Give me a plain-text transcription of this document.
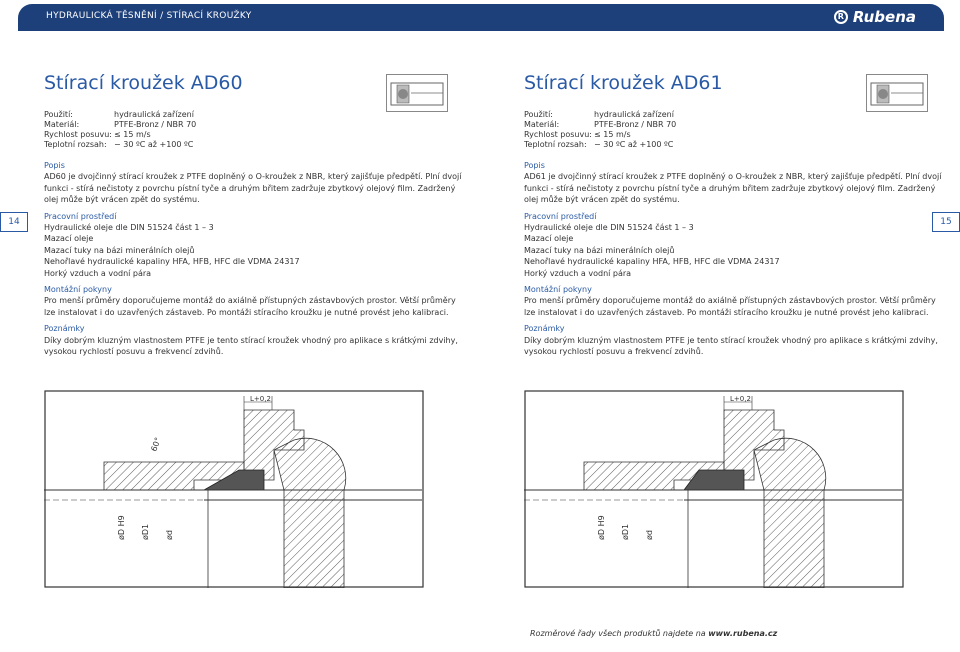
HYDRAULICKÁ TĚSNĚNÍ / STÍRACÍ KROUŽKY	R Rubena
Stírací kroužek AD60
Použití:	hydraulická zařízení
Materiál:	PTFE-Bronz / NBR 70
Rychlost posuvu: ≤ 15 m/s
Teplotní rozsah: − 30 ºC až +100 ºC
Popis

AD60 je dvojčinný stírací kroužek z PTFE doplněný o O-kroužek z NBR, který zajišťuje předpětí. Plní dvojí funkci - stírá nečistoty z povrchu pístní tyče a druhým břitem zadržuje zbytkový olejový film. Zadržený olej může být vrácen zpět do systému.

Pracovní prostředí

Hydraulické oleje dle DIN 51524 část 1 – 3

Mazací oleje

Mazací tuky na bázi minerálních olejů

Nehořlavé hydraulické kapaliny HFA, HFB, HFC dle VDMA 24317

Horký vzduch a vodní pára

Montážní pokyny

Pro menší průměry doporučujeme montáž do axiálně přístupných zástavbových prostor. Větší průměry lze instalovat i do uzavřených zástaveb. Po montáži stíracího kroužku je nutné provést jeho kalibraci.

Poznámky

Díky dobrým kluzným vlastnostem PTFE je tento stírací kroužek vhodný pro aplikace s krátkými zdvihy, vysokou rychlostí posuvu a frekvencí zdvihů.

L+0,2
60°
øD H9 øD1 ød
14	15
Stírací kroužek AD61
Použití:	hydraulická zařízení
Materiál:	PTFE-Bronz / NBR 70
Rychlost posuvu: ≤ 15 m/s
Teplotní rozsah: − 30 ºC až +100 ºC
Popis

AD61 je dvojčinný stírací kroužek z PTFE doplněný o O-kroužek z NBR, který zajišťuje předpětí. Plní dvojí funkci - stírá nečistoty z povrchu pístní tyče a druhým břitem zadržuje zbytkový olejový film. Zadržený olej může být vrácen zpět do systému.

Pracovní prostředí

Hydraulické oleje dle DIN 51524 část 1 – 3

Mazací oleje

Mazací tuky na bázi minerálních olejů

Nehořlavé hydraulické kapaliny HFA, HFB, HFC dle VDMA 24317

Horký vzduch a vodní pára

Montážní pokyny

Pro menší průměry doporučujeme montáž do axiálně přístupných zástavbových prostor. Větší průměry lze instalovat i do uzavřených zástaveb. Po montáži stíracího kroužku je nutné provést jeho kalibraci.

Poznámky

Díky dobrým kluzným vlastnostem PTFE je tento stírací kroužek vhodný pro aplikace s krátkými zdvihy, vysokou rychlostí posuvu a frekvencí zdvihů.

L+0,2
øD H9 øD1 ød
Rozměrové řady všech produktů najdete na www.rubena.cz
